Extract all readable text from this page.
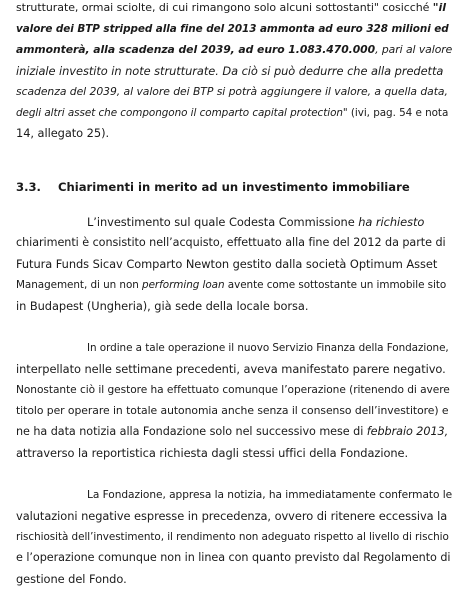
strutturate, ormai sciolte, di cui rimangono solo alcuni sottostanti" cosicché "il
valore dei BTP stripped alla fine del 2013 ammonta ad euro 328 milioni ed
ammonterà, alla scadenza del 2039, ad euro 1.083.470.000, pari al valore
iniziale investito in note strutturate. Da ciò si può dedurre che alla predetta
scadenza del 2039, al valore dei BTP si potrà aggiungere il valore, a quella data,
degli altri asset che compongono il comparto capital protection" (ivi, pag. 54 e nota
14, allegato 25).
3.3. Chiarimenti in merito ad un investimento immobiliare
L’investimento sul quale Codesta Commissione ha richiesto
chiarimenti è consistito nell’acquisto, effettuato alla fine del 2012 da parte di
Futura Funds Sicav Comparto Newton gestito dalla società Optimum Asset
Management, di un non performing loan avente come sottostante un immobile sito
in Budapest (Ungheria), già sede della locale borsa.
In ordine a tale operazione il nuovo Servizio Finanza della Fondazione,
interpellato nelle settimane precedenti, aveva manifestato parere negativo.
Nonostante ciò il gestore ha effettuato comunque l’operazione (ritenendo di avere
titolo per operare in totale autonomia anche senza il consenso dell’investitore) e
ne ha data notizia alla Fondazione solo nel successivo mese di febbraio 2013,
attraverso la reportistica richiesta dagli stessi uffici della Fondazione.
La Fondazione, appresa la notizia, ha immediatamente confermato le
valutazioni negative espresse in precedenza, ovvero di ritenere eccessiva la
rischiosità dell’investimento, il rendimento non adeguato rispetto al livello di rischio
e l’operazione comunque non in linea con quanto previsto dal Regolamento di
gestione del Fondo.
